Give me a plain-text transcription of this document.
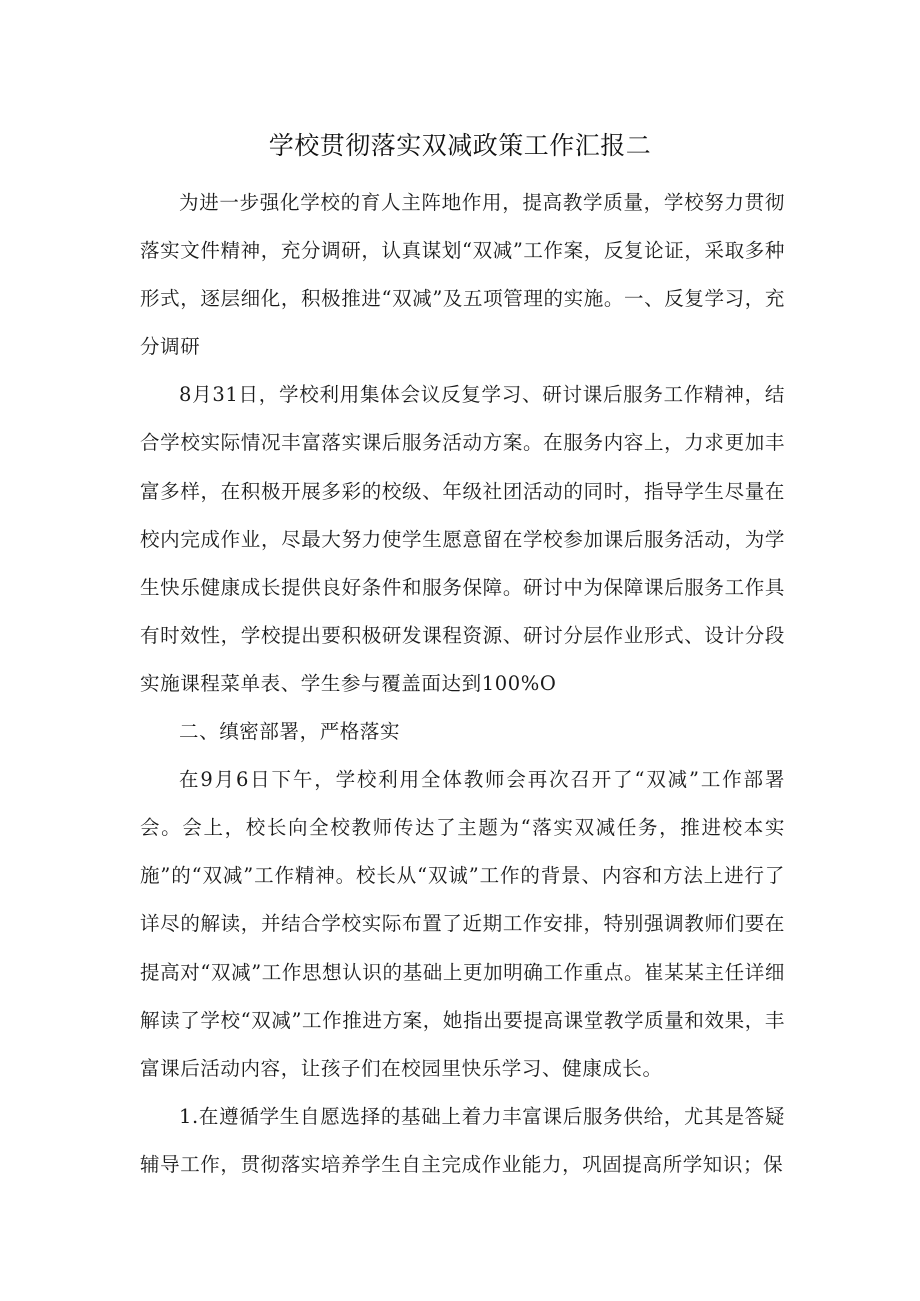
学校贯彻落实双减政策工作汇报二

为进一步强化学校的育人主阵地作用，提高教学质量，学校努力贯彻落实文件精神，充分调研，认真谋划“双减”工作案，反复论证，采取多种形式，逐层细化，积极推进“双减”及五项管理的实施。一、反复学习，充分调研

8月31日，学校利用集体会议反复学习、研讨课后服务工作精神，结合学校实际情况丰富落实课后服务活动方案。在服务内容上，力求更加丰富多样，在积极开展多彩的校级、年级社团活动的同时，指导学生尽量在校内完成作业，尽最大努力使学生愿意留在学校参加课后服务活动，为学生快乐健康成长提供良好条件和服务保障。研讨中为保障课后服务工作具有时效性，学校提出要积极研发课程资源、研讨分层作业形式、设计分段实施课程菜单表、学生参与覆盖面达到100%O

二、缜密部署，严格落实

在9月6日下午，学校利用全体教师会再次召开了“双减”工作部署会。会上，校长向全校教师传达了主题为“落实双减任务，推进校本实施”的“双减”工作精神。校长从“双诚”工作的背景、内容和方法上进行了详尽的解读，并结合学校实际布置了近期工作安排，特别强调教师们要在提高对“双减”工作思想认识的基础上更加明确工作重点。崔某某主任详细解读了学校“双减”工作推进方案，她指出要提高课堂教学质量和效果，丰富课后活动内容，让孩子们在校园里快乐学习、健康成长。

1.在遵循学生自愿选择的基础上着力丰富课后服务供给，尤其是答疑辅导工作，贯彻落实培养学生自主完成作业能力，巩固提高所学知识；保
